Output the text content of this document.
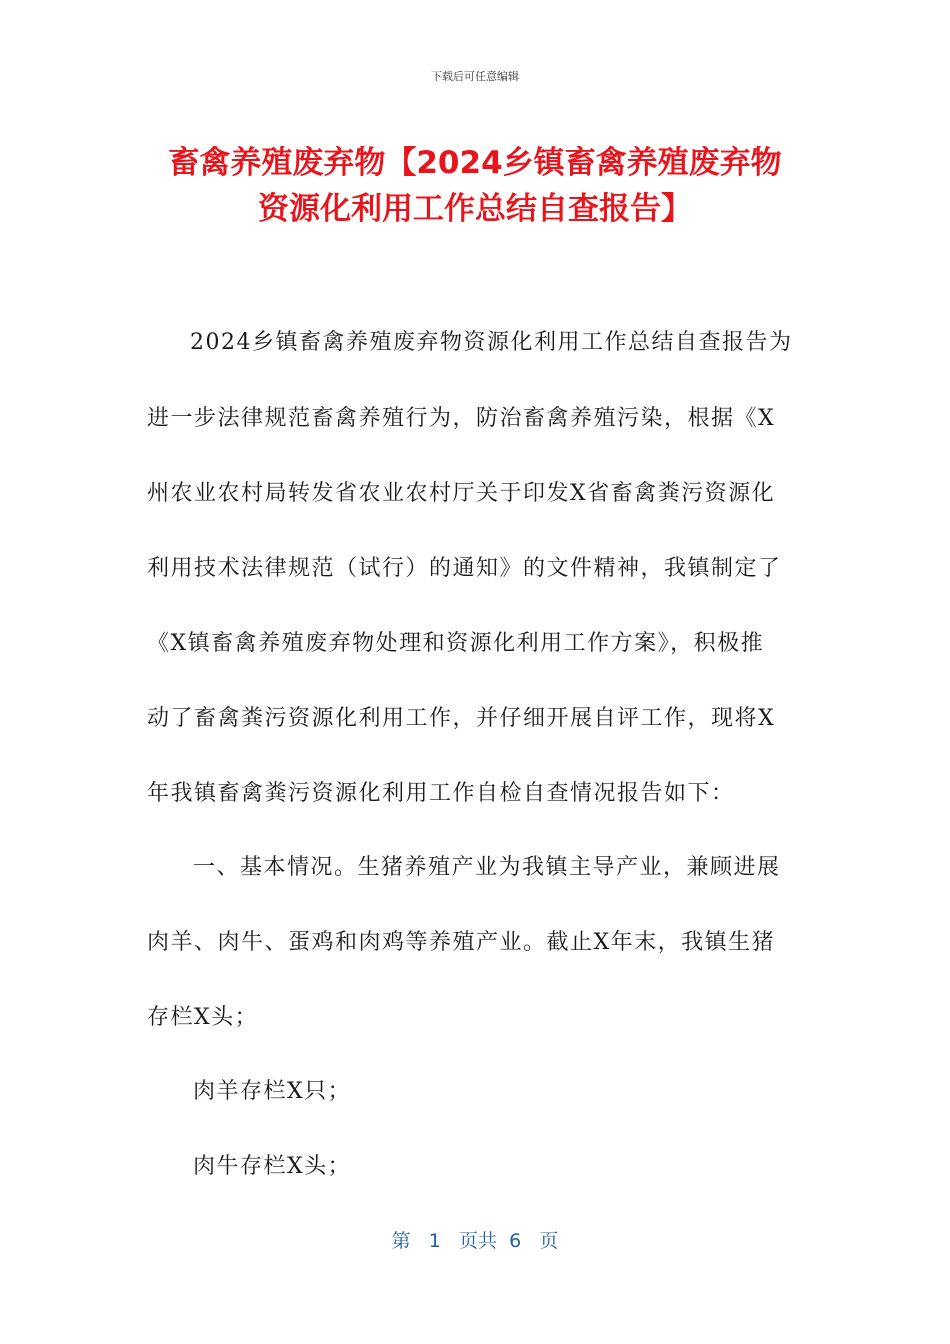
下载后可任意编辑
畜禽养殖废弃物【2024乡镇畜禽养殖废弃物
资源化利用工作总结自查报告】
2024乡镇畜禽养殖废弃物资源化利用工作总结自查报告为
进一步法律规范畜禽养殖行为，防治畜禽养殖污染，根据《X
州农业农村局转发省农业农村厅关于印发X省畜禽粪污资源化
利用技术法律规范（试行）的通知》的文件精神，我镇制定了
《X镇畜禽养殖废弃物处理和资源化利用工作方案》，积极推
动了畜禽粪污资源化利用工作，并仔细开展自评工作，现将X
年我镇畜禽粪污资源化利用工作自检自查情况报告如下：
一、基本情况。生猪养殖产业为我镇主导产业，兼顾进展
肉羊、肉牛、蛋鸡和肉鸡等养殖产业。截止X年末，我镇生猪
存栏X头；
肉羊存栏X只；
肉牛存栏X头；
第 1 页共 6 页
